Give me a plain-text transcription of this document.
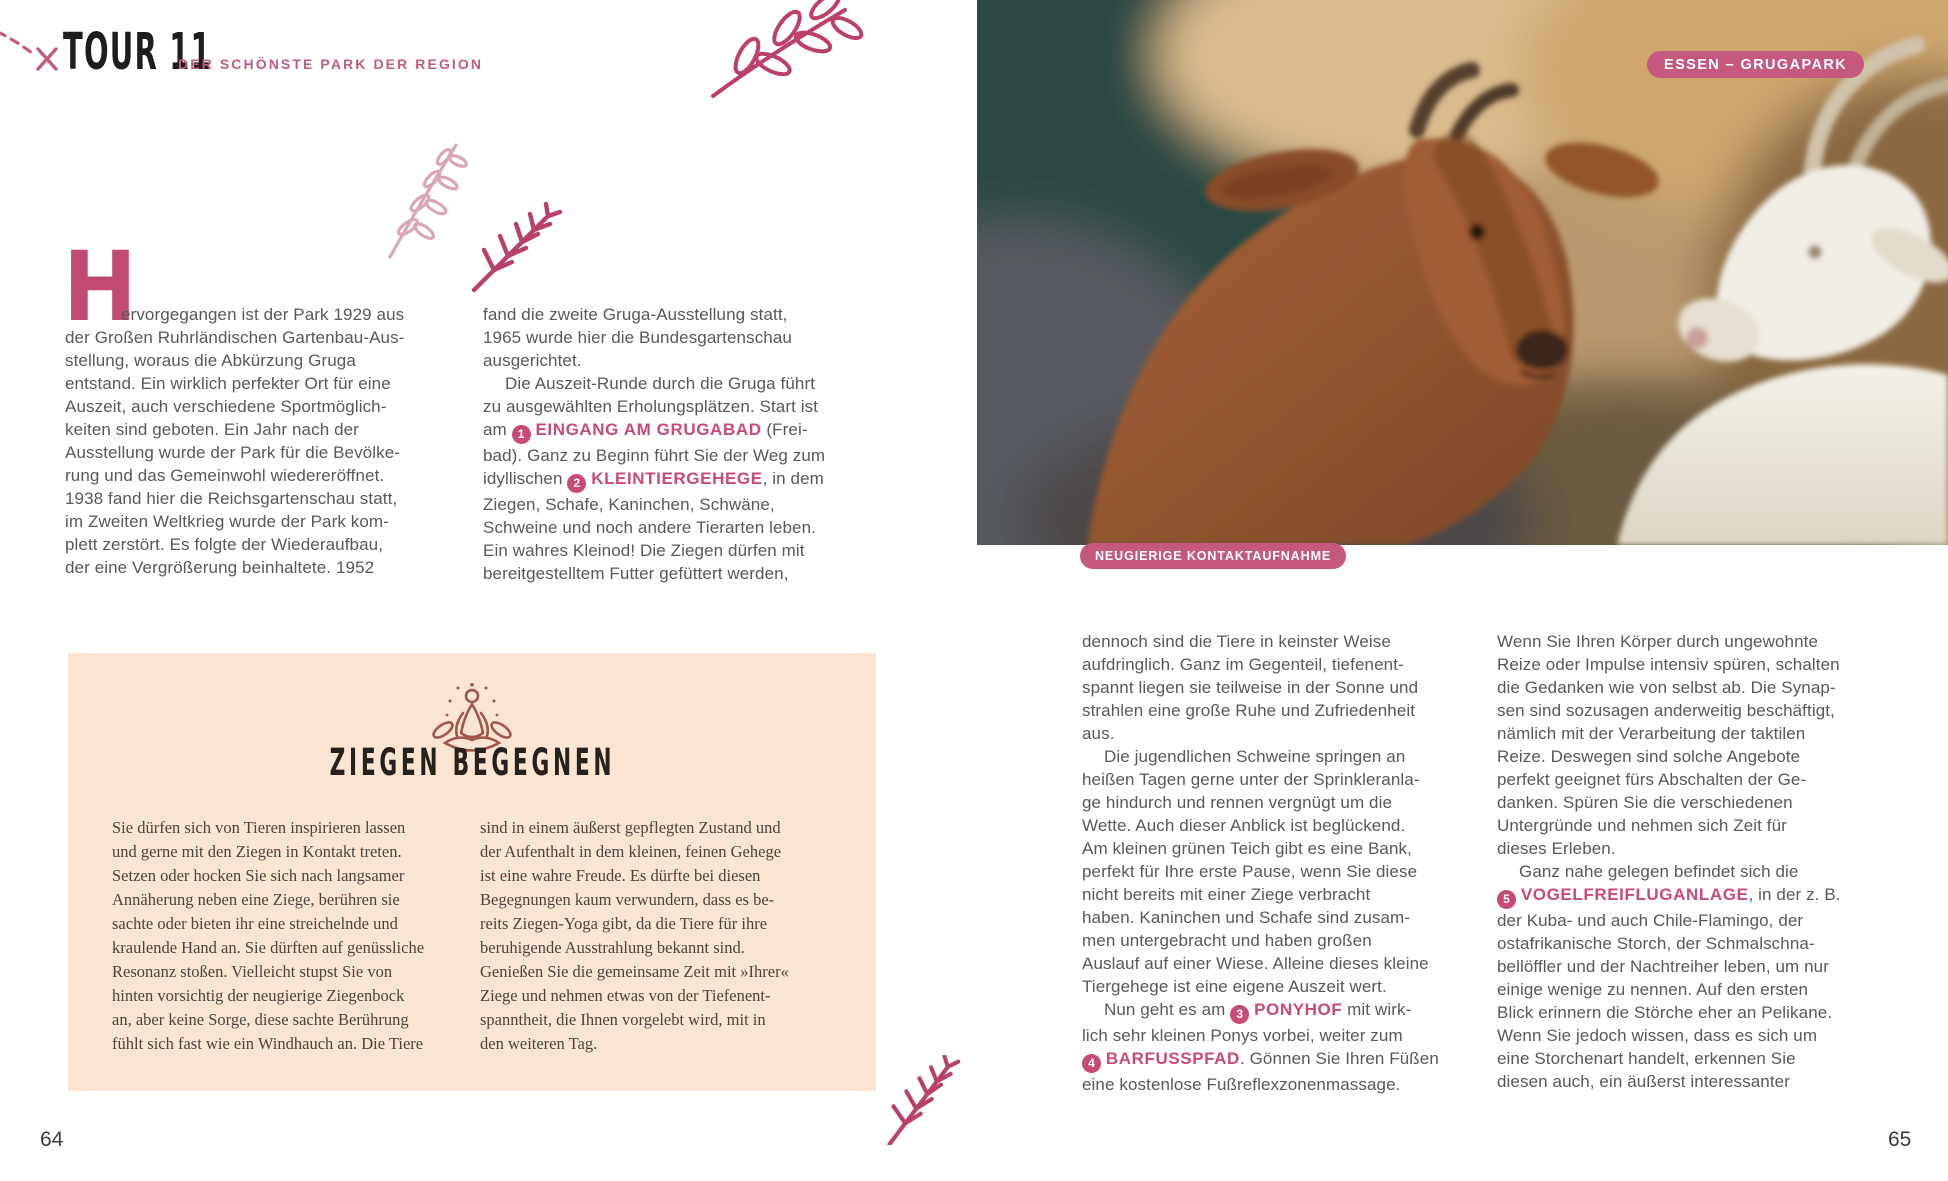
TOUR 11
DER SCHÖNSTE PARK DER REGION
H
ervorgegangen ist der Park 1929 aus
der Großen Ruhrländischen Gartenbau-Aus-
stellung, woraus die Abkürzung Gruga
entstand. Ein wirklich perfekter Ort für eine
Auszeit, auch verschiedene Sportmöglich-
keiten sind geboten. Ein Jahr nach der
Ausstellung wurde der Park für die Bevölke-
rung und das Gemeinwohl wiedereröffnet.
1938 fand hier die Reichsgartenschau statt,
im Zweiten Weltkrieg wurde der Park kom-
plett zerstört. Es folgte der Wiederaufbau,
der eine Vergrößerung beinhaltete. 1952
fand die zweite Gruga-Ausstellung statt,
1965 wurde hier die Bundesgartenschau
ausgerichtet.
Die Auszeit-Runde durch die Gruga führt
zu ausgewählten Erholungsplätzen. Start ist
am 1 EINGANG AM GRUGABAD (Frei-
bad). Ganz zu Beginn führt Sie der Weg zum
idyllischen 2 KLEINTIERGEHEGE, in dem
Ziegen, Schafe, Kaninchen, Schwäne,
Schweine und noch andere Tierarten leben.
Ein wahres Kleinod! Die Ziegen dürfen mit
bereitgestelltem Futter gefüttert werden,
ZIEGEN BEGEGNEN
Sie dürfen sich von Tieren inspirieren lassen
und gerne mit den Ziegen in Kontakt treten.
Setzen oder hocken Sie sich nach langsamer
Annäherung neben eine Ziege, berühren sie
sachte oder bieten ihr eine streichelnde und
kraulende Hand an. Sie dürften auf genüssliche
Resonanz stoßen. Vielleicht stupst Sie von
hinten vorsichtig der neugierige Ziegenbock
an, aber keine Sorge, diese sachte Berührung
fühlt sich fast wie ein Windhauch an. Die Tiere
sind in einem äußerst gepflegten Zustand und
der Aufenthalt in dem kleinen, feinen Gehege
ist eine wahre Freude. Es dürfte bei diesen
Begegnungen kaum verwundern, dass es be-
reits Ziegen-Yoga gibt, da die Tiere für ihre
beruhigende Ausstrahlung bekannt sind.
Genießen Sie die gemeinsame Zeit mit »Ihrer«
Ziege und nehmen etwas von der Tiefenent-
spanntheit, die Ihnen vorgelebt wird, mit in
den weiteren Tag.
64
ESSEN – GRUGAPARK
NEUGIERIGE KONTAKTAUFNAHME
dennoch sind die Tiere in keinster Weise
aufdringlich. Ganz im Gegenteil, tiefenent-
spannt liegen sie teilweise in der Sonne und
strahlen eine große Ruhe und Zufriedenheit
aus.
Die jugendlichen Schweine springen an
heißen Tagen gerne unter der Sprinkleranla-
ge hindurch und rennen vergnügt um die
Wette. Auch dieser Anblick ist beglückend.
Am kleinen grünen Teich gibt es eine Bank,
perfekt für Ihre erste Pause, wenn Sie diese
nicht bereits mit einer Ziege verbracht
haben. Kaninchen und Schafe sind zusam-
men untergebracht und haben großen
Auslauf auf einer Wiese. Alleine dieses kleine
Tiergehege ist eine eigene Auszeit wert.
Nun geht es am 3 PONYHOF mit wirk-
lich sehr kleinen Ponys vorbei, weiter zum
4 BARFUSSPFAD. Gönnen Sie Ihren Füßen
eine kostenlose Fußreflexzonenmassage.
Wenn Sie Ihren Körper durch ungewohnte
Reize oder Impulse intensiv spüren, schalten
die Gedanken wie von selbst ab. Die Synap-
sen sind sozusagen anderweitig beschäftigt,
nämlich mit der Verarbeitung der taktilen
Reize. Deswegen sind solche Angebote
perfekt geeignet fürs Abschalten der Ge-
danken. Spüren Sie die verschiedenen
Untergründe und nehmen sich Zeit für
dieses Erleben.
Ganz nahe gelegen befindet sich die
5 VOGELFREIFLUGANLAGE, in der z. B.
der Kuba- und auch Chile-Flamingo, der
ostafrikanische Storch, der Schmalschna-
bellöffler und der Nachtreiher leben, um nur
einige wenige zu nennen. Auf den ersten
Blick erinnern die Störche eher an Pelikane.
Wenn Sie jedoch wissen, dass es sich um
eine Storchenart handelt, erkennen Sie
diesen auch, ein äußerst interessanter
65
